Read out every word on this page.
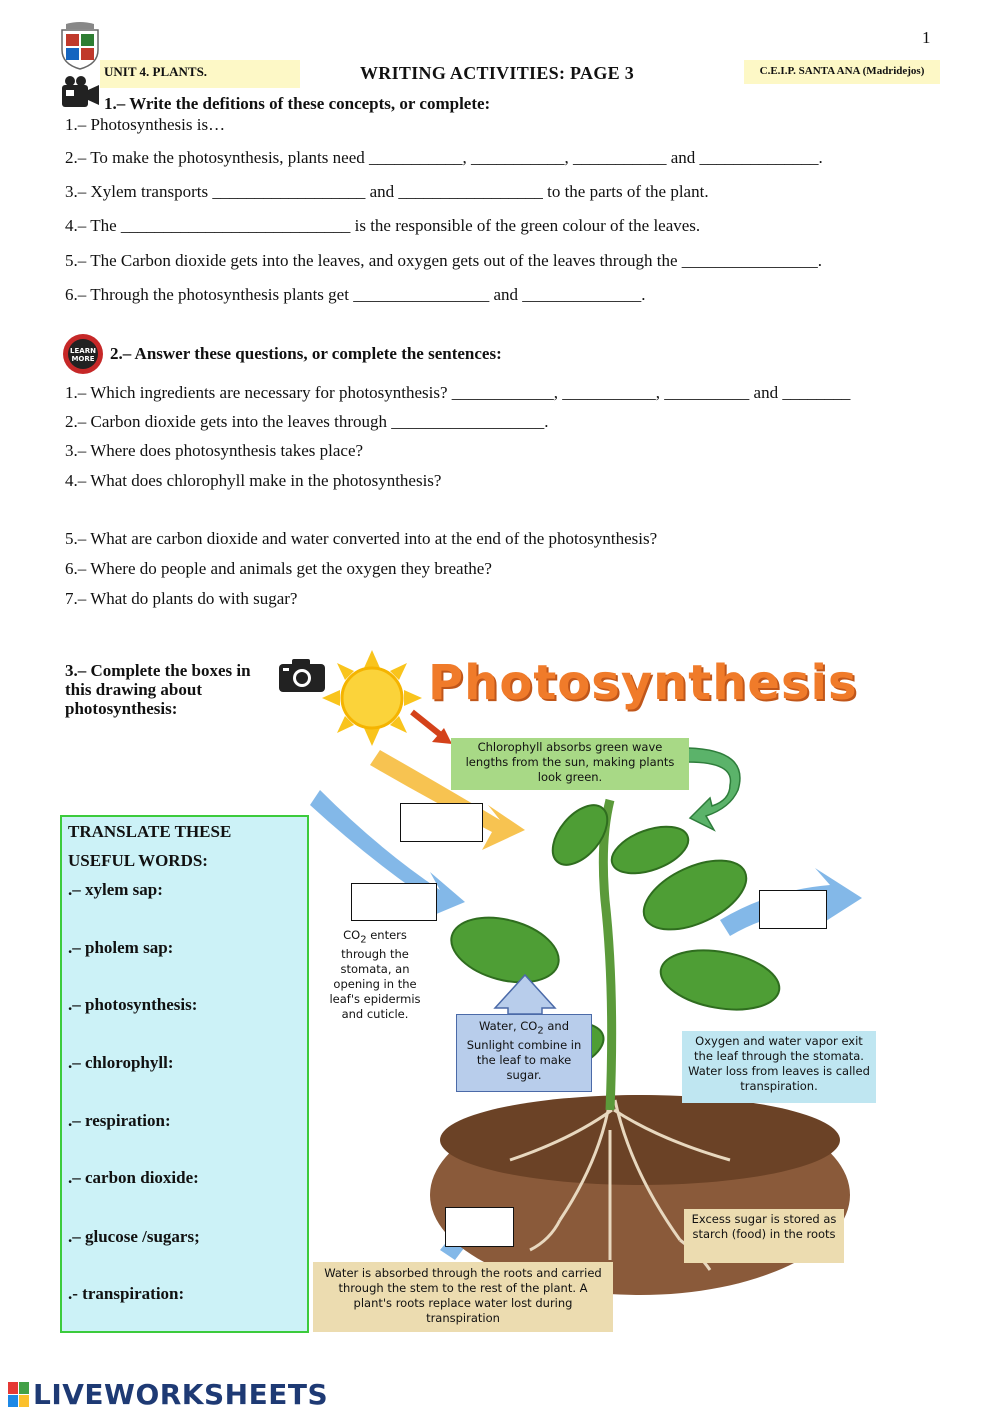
1
UNIT 4. PLANTS.	WRITING ACTIVITIES: PAGE 3	C.E.I.P. SANTA ANA (Madridejos)
1.– Write the defitions of these concepts, or complete:
1.– Photosynthesis is…
2.– To make the photosynthesis, plants need ___________, ___________, ___________ and ______________.
3.– Xylem transports __________________ and _________________ to the parts of the plant.
4.– The ___________________________ is the responsible of the green colour of the leaves.
5.– The Carbon dioxide gets into the leaves, and oxygen gets out of the leaves through the ________________.
6.– Through the photosynthesis plants get ________________ and ______________.
LEARN
MORE 2.– Answer these questions, or complete the sentences:
1.– Which ingredients are necessary for photosynthesis? ____________, ___________, __________ and ________
2.– Carbon dioxide gets into the leaves through __________________.
3.– Where does photosynthesis takes place?
4.– What does chlorophyll make in the photosynthesis?
5.– What are carbon dioxide and water converted into at the end of the photosynthesis?
6.– Where do people and animals get the oxygen they breathe?
7.– What do plants do with sugar?
3.– Complete the boxes in
this drawing about
photosynthesis:	Photosynthesis
Chlorophyll absorbs green wave lengths from the sun, making plants look green.
CO2 enters through the stomata, an opening in the leaf's epidermis and cuticle.
Water, CO2 and Sunlight combine in the leaf to make sugar.
Oxygen and water vapor exit the leaf through the stomata. Water loss from leaves is called transpiration.
Excess sugar is stored as starch (food) in the roots
Water is absorbed through the roots and carried through the stem to the rest of the plant. A plant's roots replace water lost during transpiration
TRANSLATE THESE
USEFUL WORDS:
.– xylem sap:
.– pholem sap:
.– photosynthesis:
.– chlorophyll:
.– respiration:
.– carbon dioxide:
.– glucose /sugars;
.- transpiration:
LIVEWORKSHEETS
